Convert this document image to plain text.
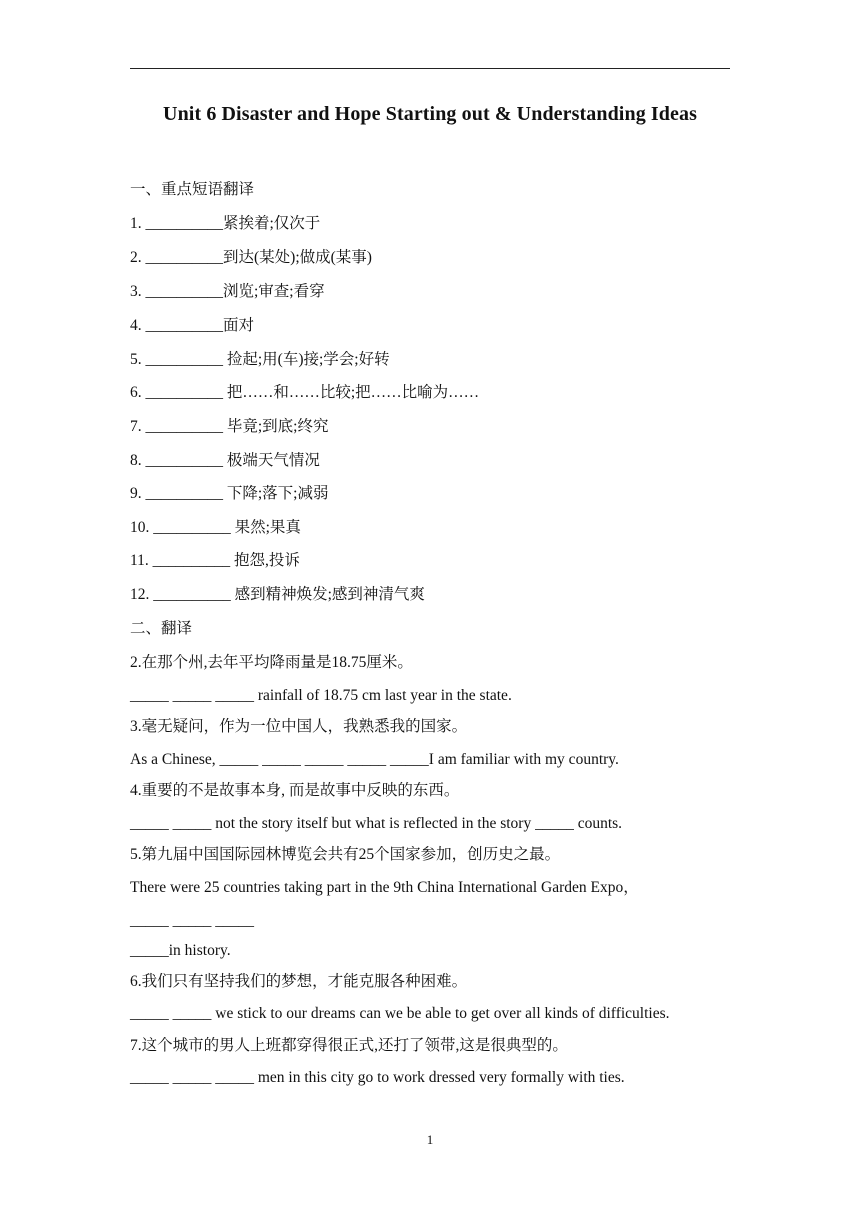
Unit 6 Disaster and Hope Starting out & Understanding Ideas
一、重点短语翻译
1. __________紧挨着;仅次于
2. __________到达(某处);做成(某事)
3. __________浏览;审查;看穿
4. __________面对
5. __________ 捡起;用(车)接;学会;好转
6. __________ 把……和……比较;把……比喻为……
7. __________ 毕竟;到底;终究
8. __________ 极端天气情况
9. __________ 下降;落下;减弱
10. __________ 果然;果真
11. __________ 抱怨,投诉
12. __________ 感到精神焕发;感到神清气爽
二、翻译
2.在那个州,去年平均降雨量是18.75厘米。
_____ _____ _____ rainfall of 18.75 cm last year in the state.
3.毫无疑问，作为一位中国人，我熟悉我的国家。
As a Chinese, _____ _____ _____ _____ _____I am familiar with my country.
4.重要的不是故事本身, 而是故事中反映的东西。
_____ _____ not the story itself but what is reflected in the story _____ counts.
5.第九届中国国际园林博览会共有25个国家参加，创历史之最。
There were 25 countries taking part in the 9th China International Garden Expo，
_____ _____ _____
_____in history.
6.我们只有坚持我们的梦想，才能克服各种困难。
_____ _____ we stick to our dreams can we be able to get over all kinds of difficulties.
7.这个城市的男人上班都穿得很正式,还打了领带,这是很典型的。
_____ _____ _____ men in this city go to work dressed very formally with ties.
1
